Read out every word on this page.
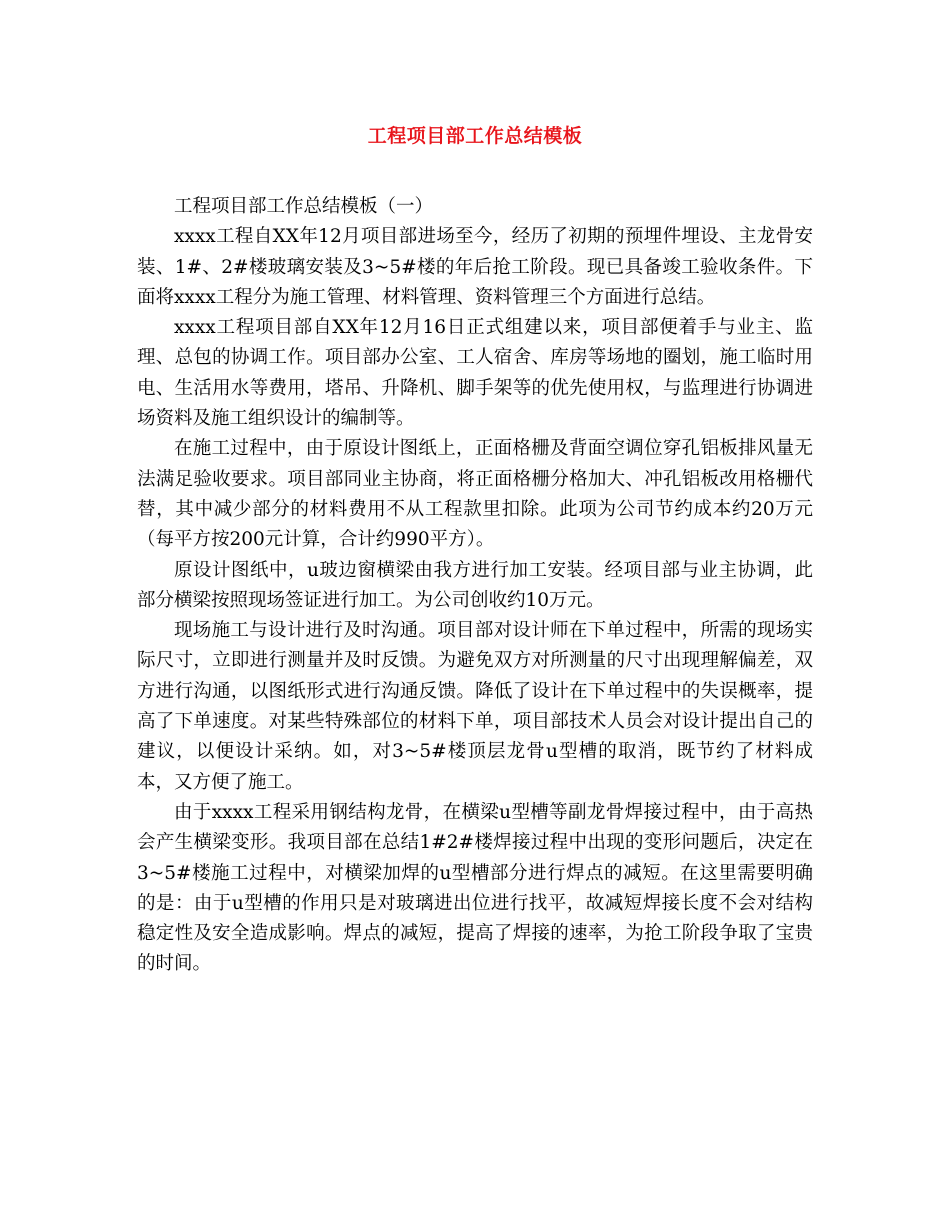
工程项目部工作总结模板

工程项目部工作总结模板（一）

xxxx工程自XX年12月项目部进场至今，经历了初期的预埋件埋设、主龙骨安装、1#、2#楼玻璃安装及3~5#楼的年后抢工阶段。现已具备竣工验收条件。下面将xxxx工程分为施工管理、材料管理、资料管理三个方面进行总结。

xxxx工程项目部自XX年12月16日正式组建以来，项目部便着手与业主、监理、总包的协调工作。项目部办公室、工人宿舍、库房等场地的圈划，施工临时用电、生活用水等费用，塔吊、升降机、脚手架等的优先使用权，与监理进行协调进场资料及施工组织设计的编制等。

在施工过程中，由于原设计图纸上，正面格栅及背面空调位穿孔铝板排风量无法满足验收要求。项目部同业主协商，将正面格栅分格加大、冲孔铝板改用格栅代替，其中减少部分的材料费用不从工程款里扣除。此项为公司节约成本约20万元（每平方按200元计算，合计约990平方）。

原设计图纸中，u玻边窗横梁由我方进行加工安装。经项目部与业主协调，此部分横梁按照现场签证进行加工。为公司创收约10万元。

现场施工与设计进行及时沟通。项目部对设计师在下单过程中，所需的现场实际尺寸，立即进行测量并及时反馈。为避免双方对所测量的尺寸出现理解偏差，双方进行沟通，以图纸形式进行沟通反馈。降低了设计在下单过程中的失误概率，提高了下单速度。对某些特殊部位的材料下单，项目部技术人员会对设计提出自己的建议，以便设计采纳。如，对3~5#楼顶层龙骨u型槽的取消，既节约了材料成本，又方便了施工。

由于xxxx工程采用钢结构龙骨，在横梁u型槽等副龙骨焊接过程中，由于高热会产生横梁变形。我项目部在总结1#2#楼焊接过程中出现的变形问题后，决定在3~5#楼施工过程中，对横梁加焊的u型槽部分进行焊点的减短。在这里需要明确的是：由于u型槽的作用只是对玻璃进出位进行找平，故减短焊接长度不会对结构稳定性及安全造成影响。焊点的减短，提高了焊接的速率，为抢工阶段争取了宝贵的时间。
